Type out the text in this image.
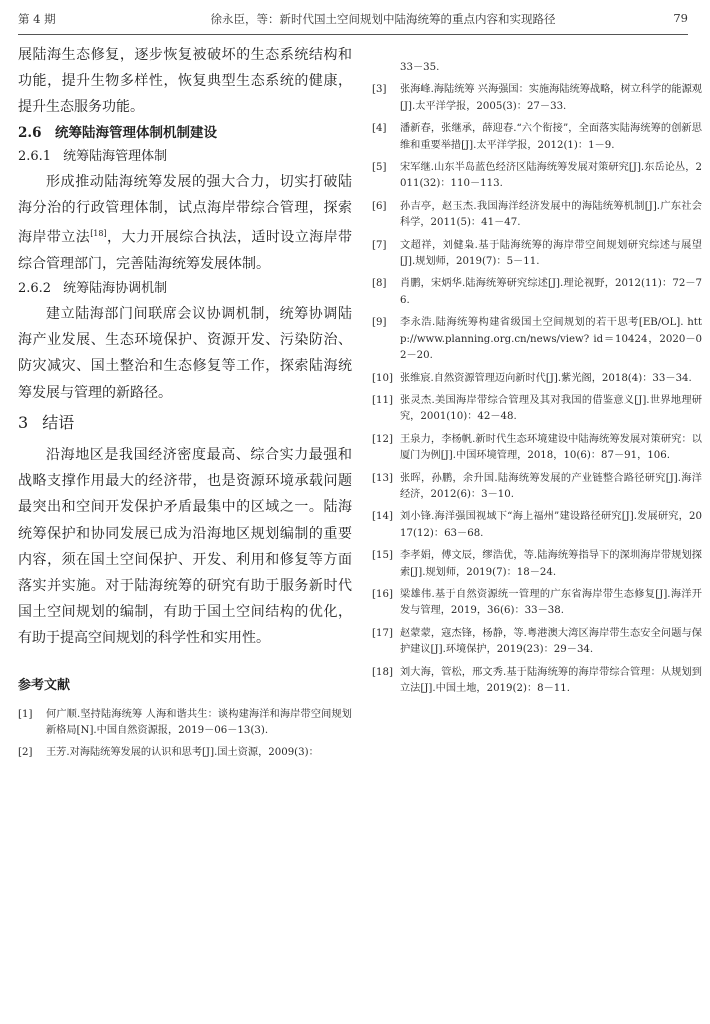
第 4 期	徐永臣，等：新时代国土空间规划中陆海统筹的重点内容和实现路径	79

展陆海生态修复，逐步恢复被破坏的生态系统结构和功能，提升生物多样性，恢复典型生态系统的健康，提升生态服务功能。

2.6　统筹陆海管理体制机制建设

2.6.1 统筹陆海管理体制

形成推动陆海统筹发展的强大合力，切实打破陆海分治的行政管理体制，试点海岸带综合管理，探索海岸带立法[18]，大力开展综合执法，适时设立海岸带综合管理部门，完善陆海统筹发展体制。

2.6.2 统筹陆海协调机制

建立陆海部门间联席会议协调机制，统筹协调陆海产业发展、生态环境保护、资源开发、污染防治、防灾减灾、国土整治和生态修复等工作，探索陆海统筹发展与管理的新路径。

3 结语

沿海地区是我国经济密度最高、综合实力最强和战略支撑作用最大的经济带，也是资源环境承载问题最突出和空间开发保护矛盾最集中的区域之一。陆海统筹保护和协同发展已成为沿海地区规划编制的重要内容，须在国土空间保护、开发、利用和修复等方面落实并实施。对于陆海统筹的研究有助于服务新时代国土空间规划的编制，有助于国土空间结构的优化，有助于提高空间规划的科学性和实用性。

参考文献

[1]	何广顺.坚持陆海统筹 人海和谐共生：谈构建海洋和海岸带空间规划新格局[N].中国自然资源报，2019－06－13(3).
[2]	王芳.对海陆统筹发展的认识和思考[J].国土资源，2009(3)：
33－35.
[3]	张海峰.海陆统筹 兴海强国：实施海陆统筹战略，树立科学的能源观[J].太平洋学报，2005(3)：27－33.
[4]	潘新春，张继承，薛迎春.“六个衔接”，全面落实陆海统筹的创新思维和重要举措[J].太平洋学报，2012(1)：1－9.
[5]	宋军继.山东半岛蓝色经济区陆海统筹发展对策研究[J].东岳论丛，2011(32)：110－113.
[6]	孙吉亭，赵玉杰.我国海洋经济发展中的海陆统筹机制[J].广东社会科学，2011(5)：41－47.
[7]	文超祥，刘健枭.基于陆海统筹的海岸带空间规划研究综述与展望[J].规划师，2019(7)：5－11.
[8]	肖鹏，宋炳华.陆海统筹研究综述[J].理论视野，2012(11)：72－76.
[9]	李永浩.陆海统筹构建省级国土空间规划的若干思考[EB/OL]. http://www.planning.org.cn/news/view? id＝10424，2020－02－20.
[10] 张维宸.自然资源管理迈向新时代[J].紫光阁，2018(4)：33－34.
[11] 张灵杰.美国海岸带综合管理及其对我国的借鉴意义[J].世界地理研究，2001(10)：42－48.
[12] 王泉力，李杨帆.新时代生态环境建设中陆海统筹发展对策研究：以厦门为例[J].中国环境管理，2018，10(6)：87－91，106.
[13] 张晖，孙鹏，余升国.陆海统筹发展的产业链整合路径研究[J].海洋经济，2012(6)：3－10.
[14] 刘小锋.海洋强国视域下“海上福州”建设路径研究[J].发展研究，2017(12)：63－68.
[15] 李孝娟，傅文辰，缪浩优，等.陆海统筹指导下的深圳海岸带规划探索[J].规划师，2019(7)：18－24.
[16] 梁雄伟.基于自然资源统一管理的广东省海岸带生态修复[J].海洋开发与管理，2019，36(6)：33－38.
[17] 赵蒙蒙，寇杰锋，杨静，等.粤港澳大湾区海岸带生态安全问题与保护建议[J].环境保护，2019(23)：29－34.
[18] 刘大海，管松，邢文秀.基于陆海统筹的海岸带综合管理：从规划到立法[J].中国土地，2019(2)：8－11.
